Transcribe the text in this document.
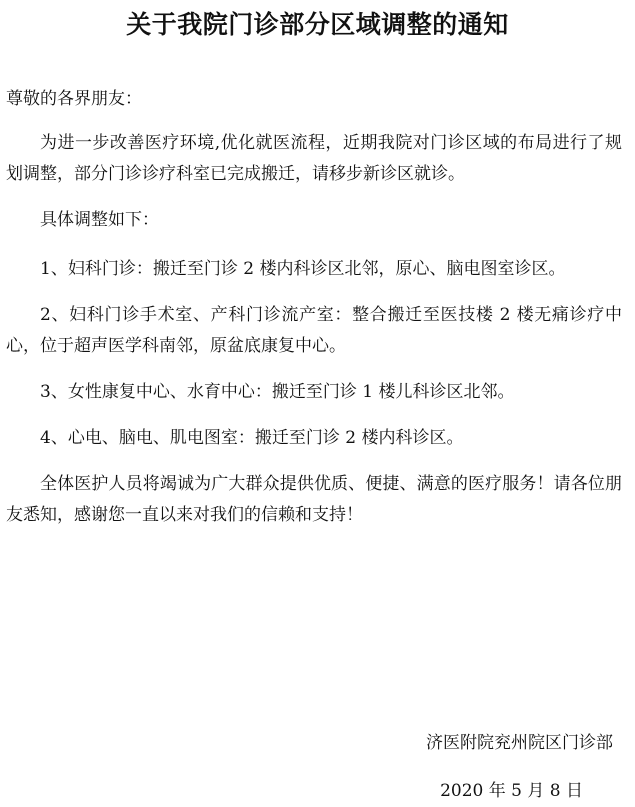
关于我院门诊部分区域调整的通知

尊敬的各界朋友：

为进一步改善医疗环境,优化就医流程，近期我院对门诊区域的布局进行了规划调整，部分门诊诊疗科室已完成搬迁，请移步新诊区就诊。

具体调整如下：

1、妇科门诊：搬迁至门诊 2 楼内科诊区北邻，原心、脑电图室诊区。

2、妇科门诊手术室、产科门诊流产室：整合搬迁至医技楼 2 楼无痛诊疗中心，位于超声医学科南邻，原盆底康复中心。

3、女性康复中心、水育中心：搬迁至门诊 1 楼儿科诊区北邻。

4、心电、脑电、肌电图室：搬迁至门诊 2 楼内科诊区。

全体医护人员将竭诚为广大群众提供优质、便捷、满意的医疗服务！请各位朋友悉知，感谢您一直以来对我们的信赖和支持！

济医附院兖州院区门诊部
2020 年 5 月 8 日
